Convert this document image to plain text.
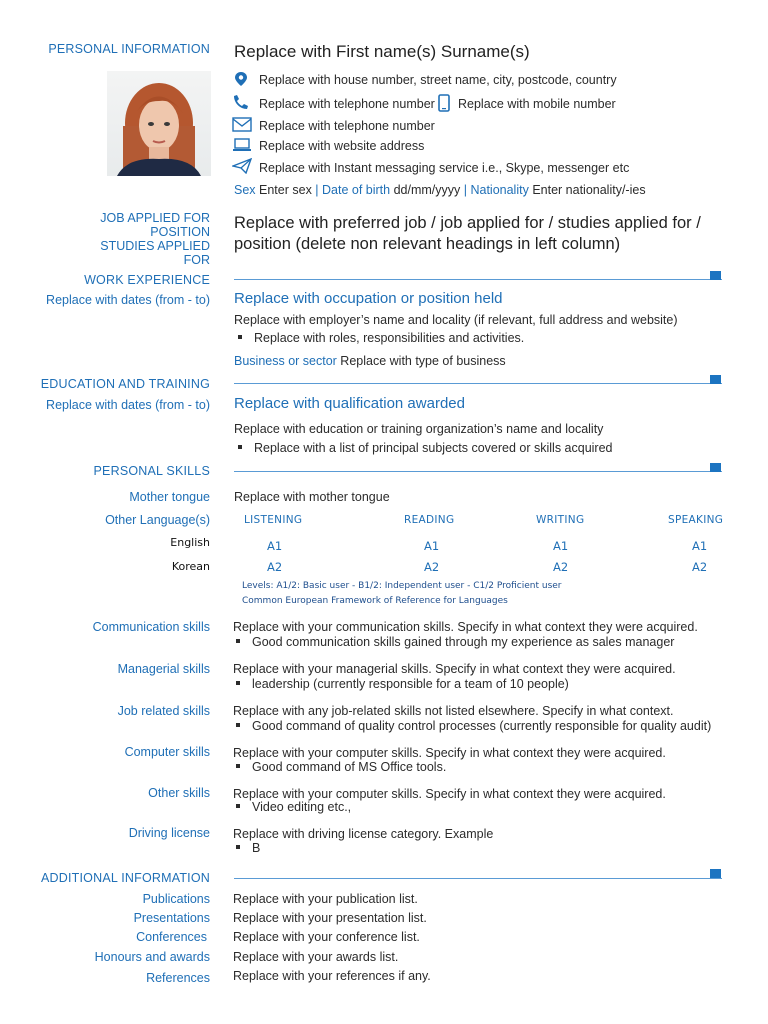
PERSONAL INFORMATION Replace with First name(s) Surname(s)
Replace with house number, street name, city, postcode, country
Replace with telephone number Replace with mobile number
Replace with telephone number
Replace with website address
Replace with Instant messaging service i.e., Skype, messenger etc
Sex Enter sex | Date of birth dd/mm/yyyy | Nationality Enter nationality/-ies
JOB APPLIED FOR
POSITION
STUDIES APPLIED
FOR
Replace with preferred job / job applied for / studies applied for / position (delete non relevant headings in left column)
WORK EXPERIENCE
Replace with dates (from - to) Replace with occupation or position held
Replace with employer’s name and locality (if relevant, full address and website)
Replace with roles, responsibilities and activities.
Business or sector Replace with type of business
EDUCATION AND TRAINING
Replace with dates (from - to) Replace with qualification awarded
Replace with education or training organization’s name and locality
Replace with a list of principal subjects covered or skills acquired
PERSONAL SKILLS
Mother tongue Replace with mother tongue
Other Language(s)	LISTENING	READING	WRITING	SPEAKING
English	A1	A1	A1	A1
Korean	A2	A2	A2	A2
Levels: A1/2: Basic user - B1/2: Independent user - C1/2 Proficient user
Common European Framework of Reference for Languages
Communication skills Replace with your communication skills. Specify in what context they were acquired.
Good communication skills gained through my experience as sales manager
Managerial skills Replace with your managerial skills. Specify in what context they were acquired.
leadership (currently responsible for a team of 10 people)
Job related skills Replace with any job-related skills not listed elsewhere. Specify in what context.
Good command of quality control processes (currently responsible for quality audit)
Computer skills Replace with your computer skills. Specify in what context they were acquired.
Good command of MS Office tools.
Other skills Replace with your computer skills. Specify in what context they were acquired.
Video editing etc.,
Driving license Replace with driving license category. Example
B
ADDITIONAL INFORMATION
Publications Replace with your publication list.
Presentations Replace with your presentation list.
Conferences Replace with your conference list.
Honours and awards Replace with your awards list.
References Replace with your references if any.
